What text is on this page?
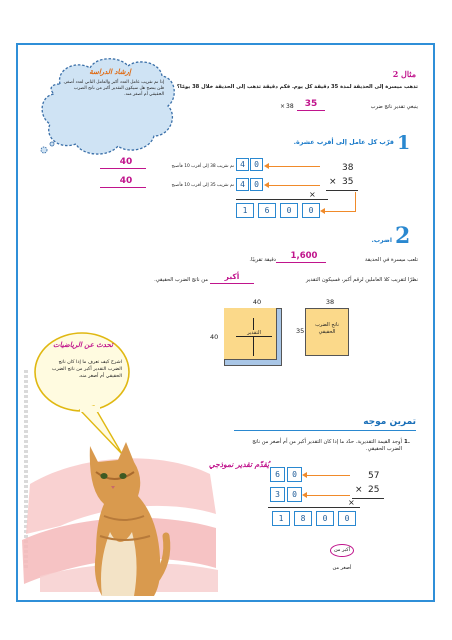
إرشاد الدراسة
إذا تم تقريب عامل العدد أكبر والعامل الثاني لعدد أصغر، فلن يتضح هل سيكون التقدير أكبر من ناتج الضرب الحقيقي أم أصغر منه.
مثال 2
تذهب ميسرة إلى الحديقة لمدة 35 دقيقة كل يوم. فكم دقيقة تذهب إلى الحديقة خلال 38 يومًا؟
ينبغي تقدير ناتج ضرب
38
×	35
1
قرّب كل عامل إلى أقرب عشرة.
تم تقريب 38 إلى أقرب 10 فأصبح
40
تم تقريب 35 إلى أقرب 10 فأصبح
40
4	0
4	0
38
× 35
×
1	6	0	0
2
اضرب.
تلعب ميسرة في الحديقة
1,600
دقيقة تقريبًا.
نظرًا لتقريب كلا العاملين لرقم أكبر، فسيكون التقدير
أكبر
من ناتج الضرب الحقيقي.
40
40	التقدير
38
35
ناتج الضرب الحقيقي
تحدث عن الرياضيات
اشرح كيف تعرف ما إذا كان ناتج الضرب التقدير أكبر من ناتج الضرب الحقيقي أم أصغر منه.
تمرين موجه
1.
أوجد القيمة التقديرية. حدّد ما إذا كان التقدير أكبر من أم أصغر من ناتج الضرب الحقيقي.
يُقدّم تقدير نموذجي
6	0
3	0
57
× 25
×
1	8	0	0
أكبر من
أصغر من
